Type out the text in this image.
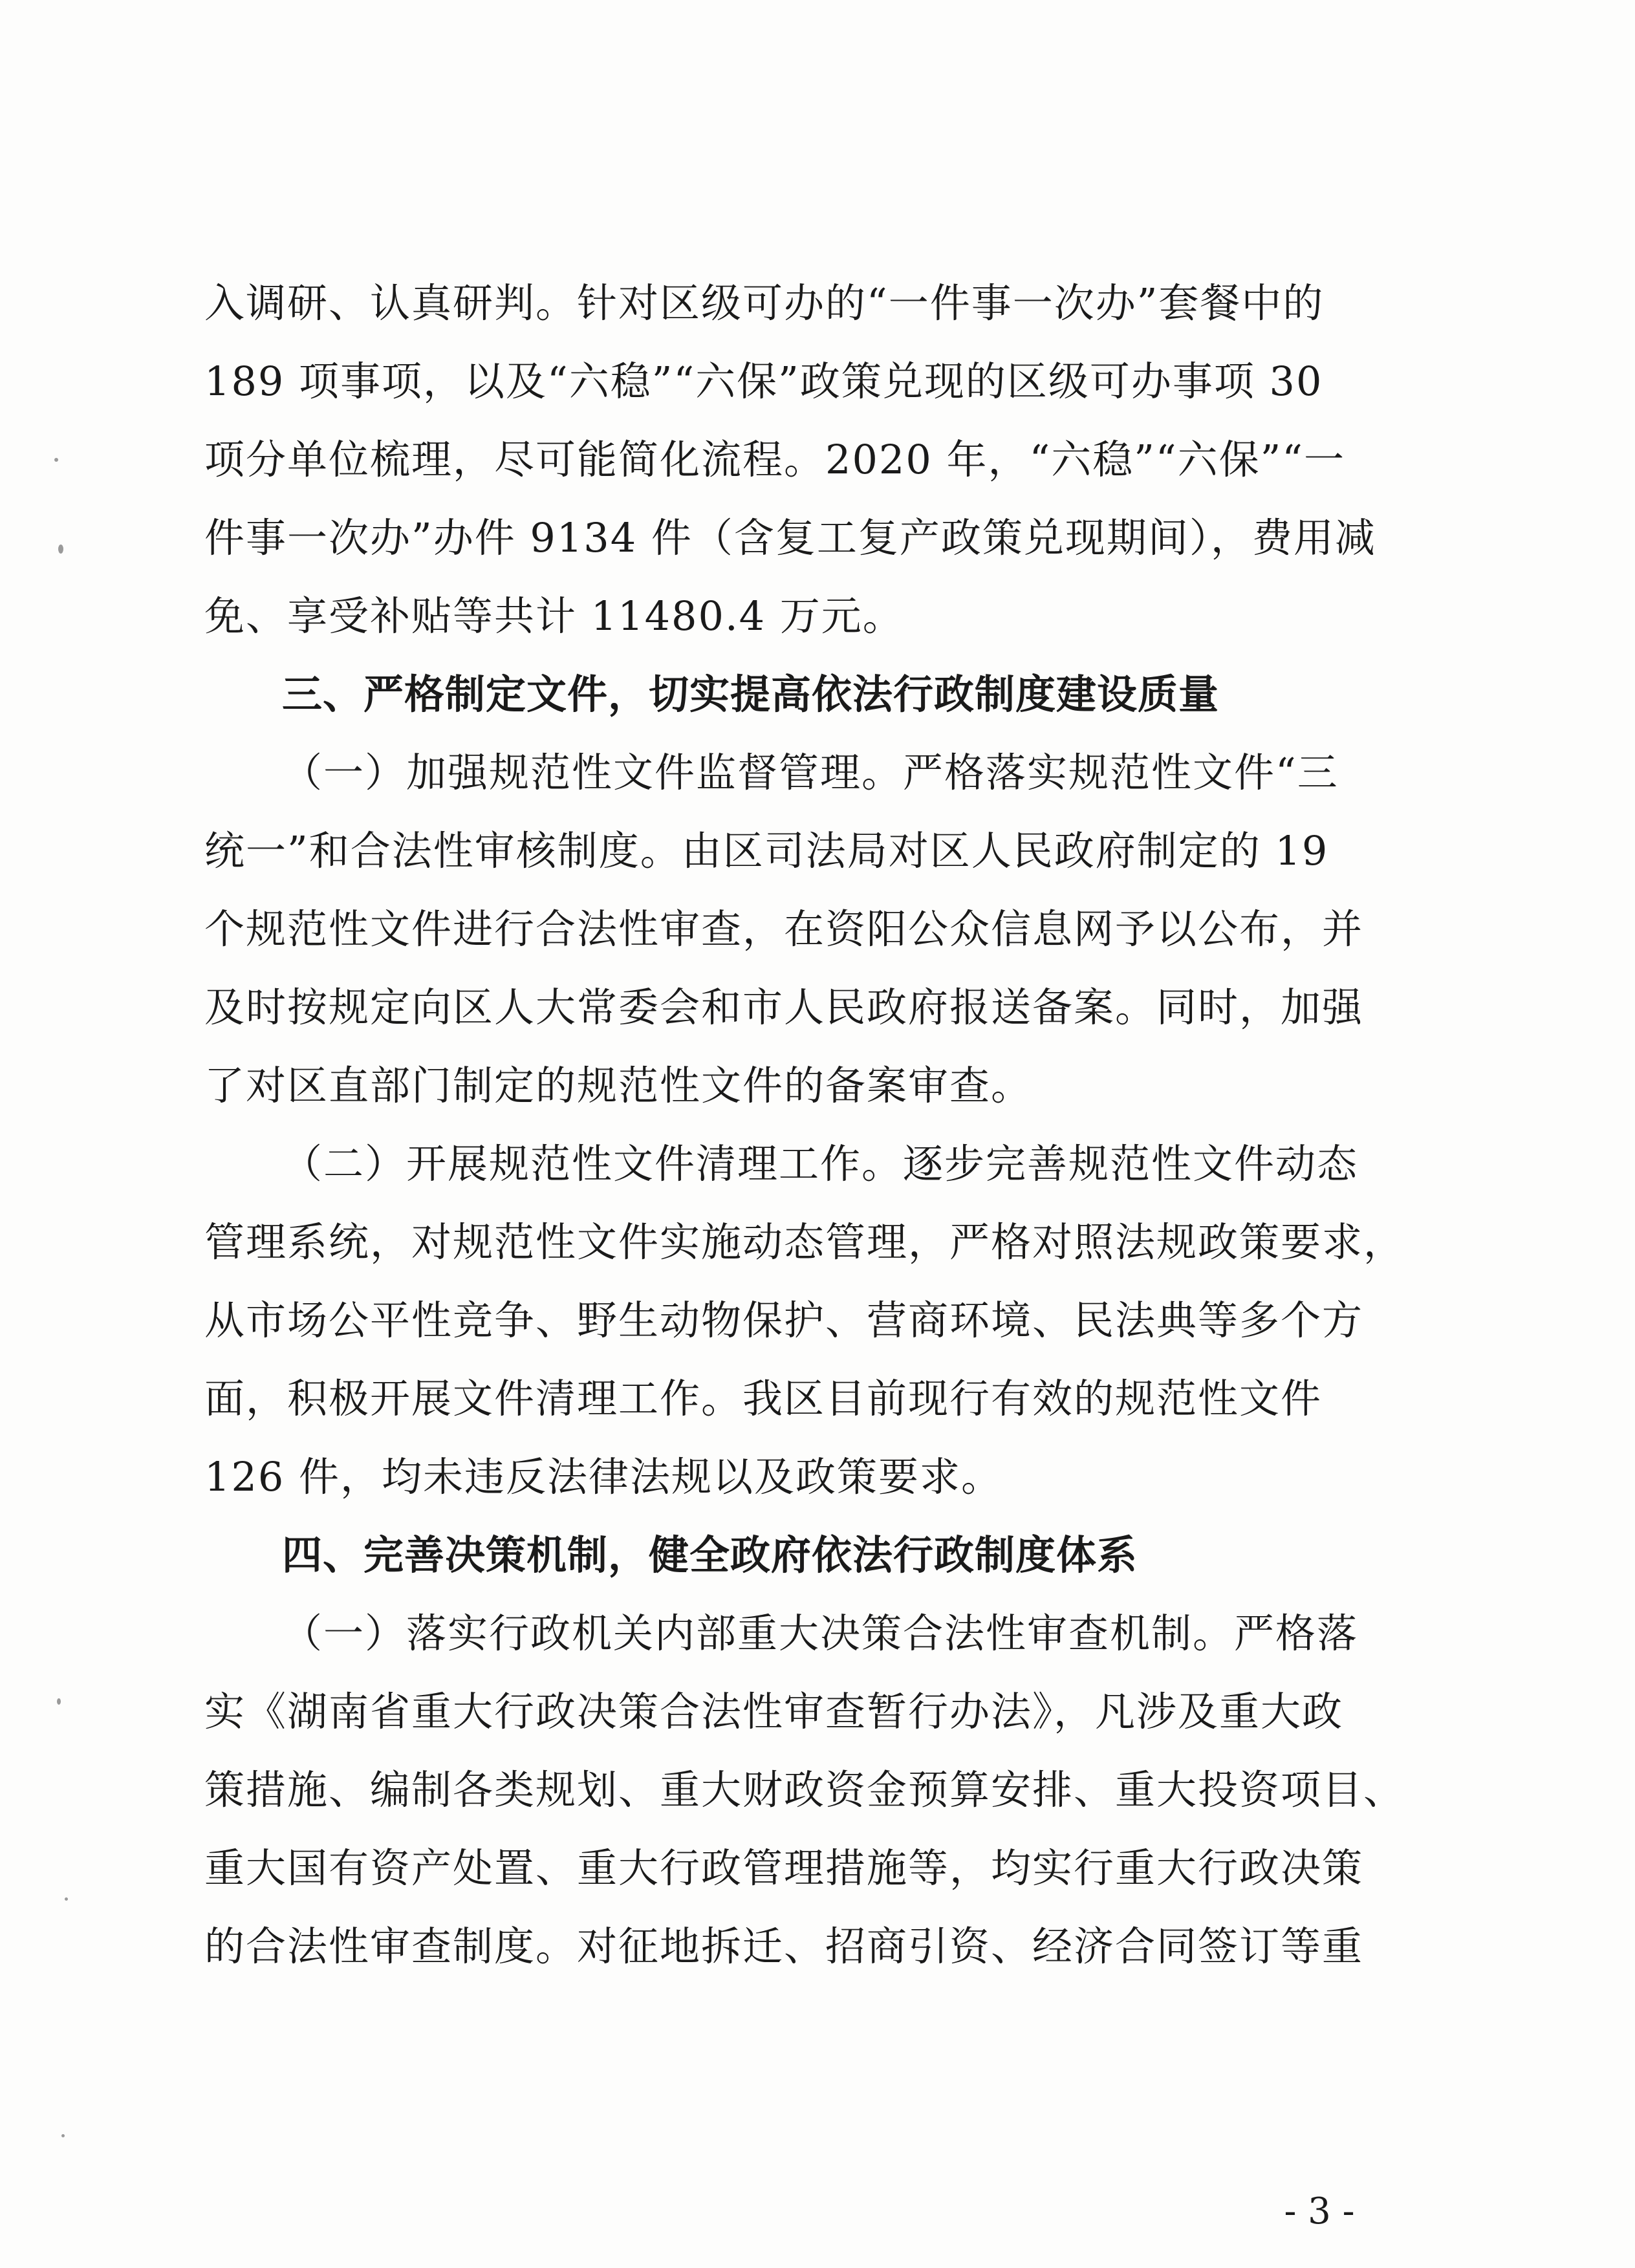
入调研、认真研判。针对区级可办的“一件事一次办”套餐中的
189 项事项，以及“六稳”“六保”政策兑现的区级可办事项 30
项分单位梳理，尽可能简化流程。2020 年，“六稳”“六保”“一
件事一次办”办件 9134 件（含复工复产政策兑现期间），费用减
免、享受补贴等共计 11480.4 万元。
三、严格制定文件，切实提高依法行政制度建设质量
（一）加强规范性文件监督管理。严格落实规范性文件“三
统一”和合法性审核制度。由区司法局对区人民政府制定的 19
个规范性文件进行合法性审查，在资阳公众信息网予以公布，并
及时按规定向区人大常委会和市人民政府报送备案。同时，加强
了对区直部门制定的规范性文件的备案审查。
（二）开展规范性文件清理工作。逐步完善规范性文件动态
管理系统，对规范性文件实施动态管理，严格对照法规政策要求，
从市场公平性竞争、野生动物保护、营商环境、民法典等多个方
面，积极开展文件清理工作。我区目前现行有效的规范性文件
126 件，均未违反法律法规以及政策要求。
四、完善决策机制，健全政府依法行政制度体系
（一）落实行政机关内部重大决策合法性审查机制。严格落
实《湖南省重大行政决策合法性审查暂行办法》，凡涉及重大政
策措施、编制各类规划、重大财政资金预算安排、重大投资项目、
重大国有资产处置、重大行政管理措施等，均实行重大行政决策
的合法性审查制度。对征地拆迁、招商引资、经济合同签订等重
- 3 -
